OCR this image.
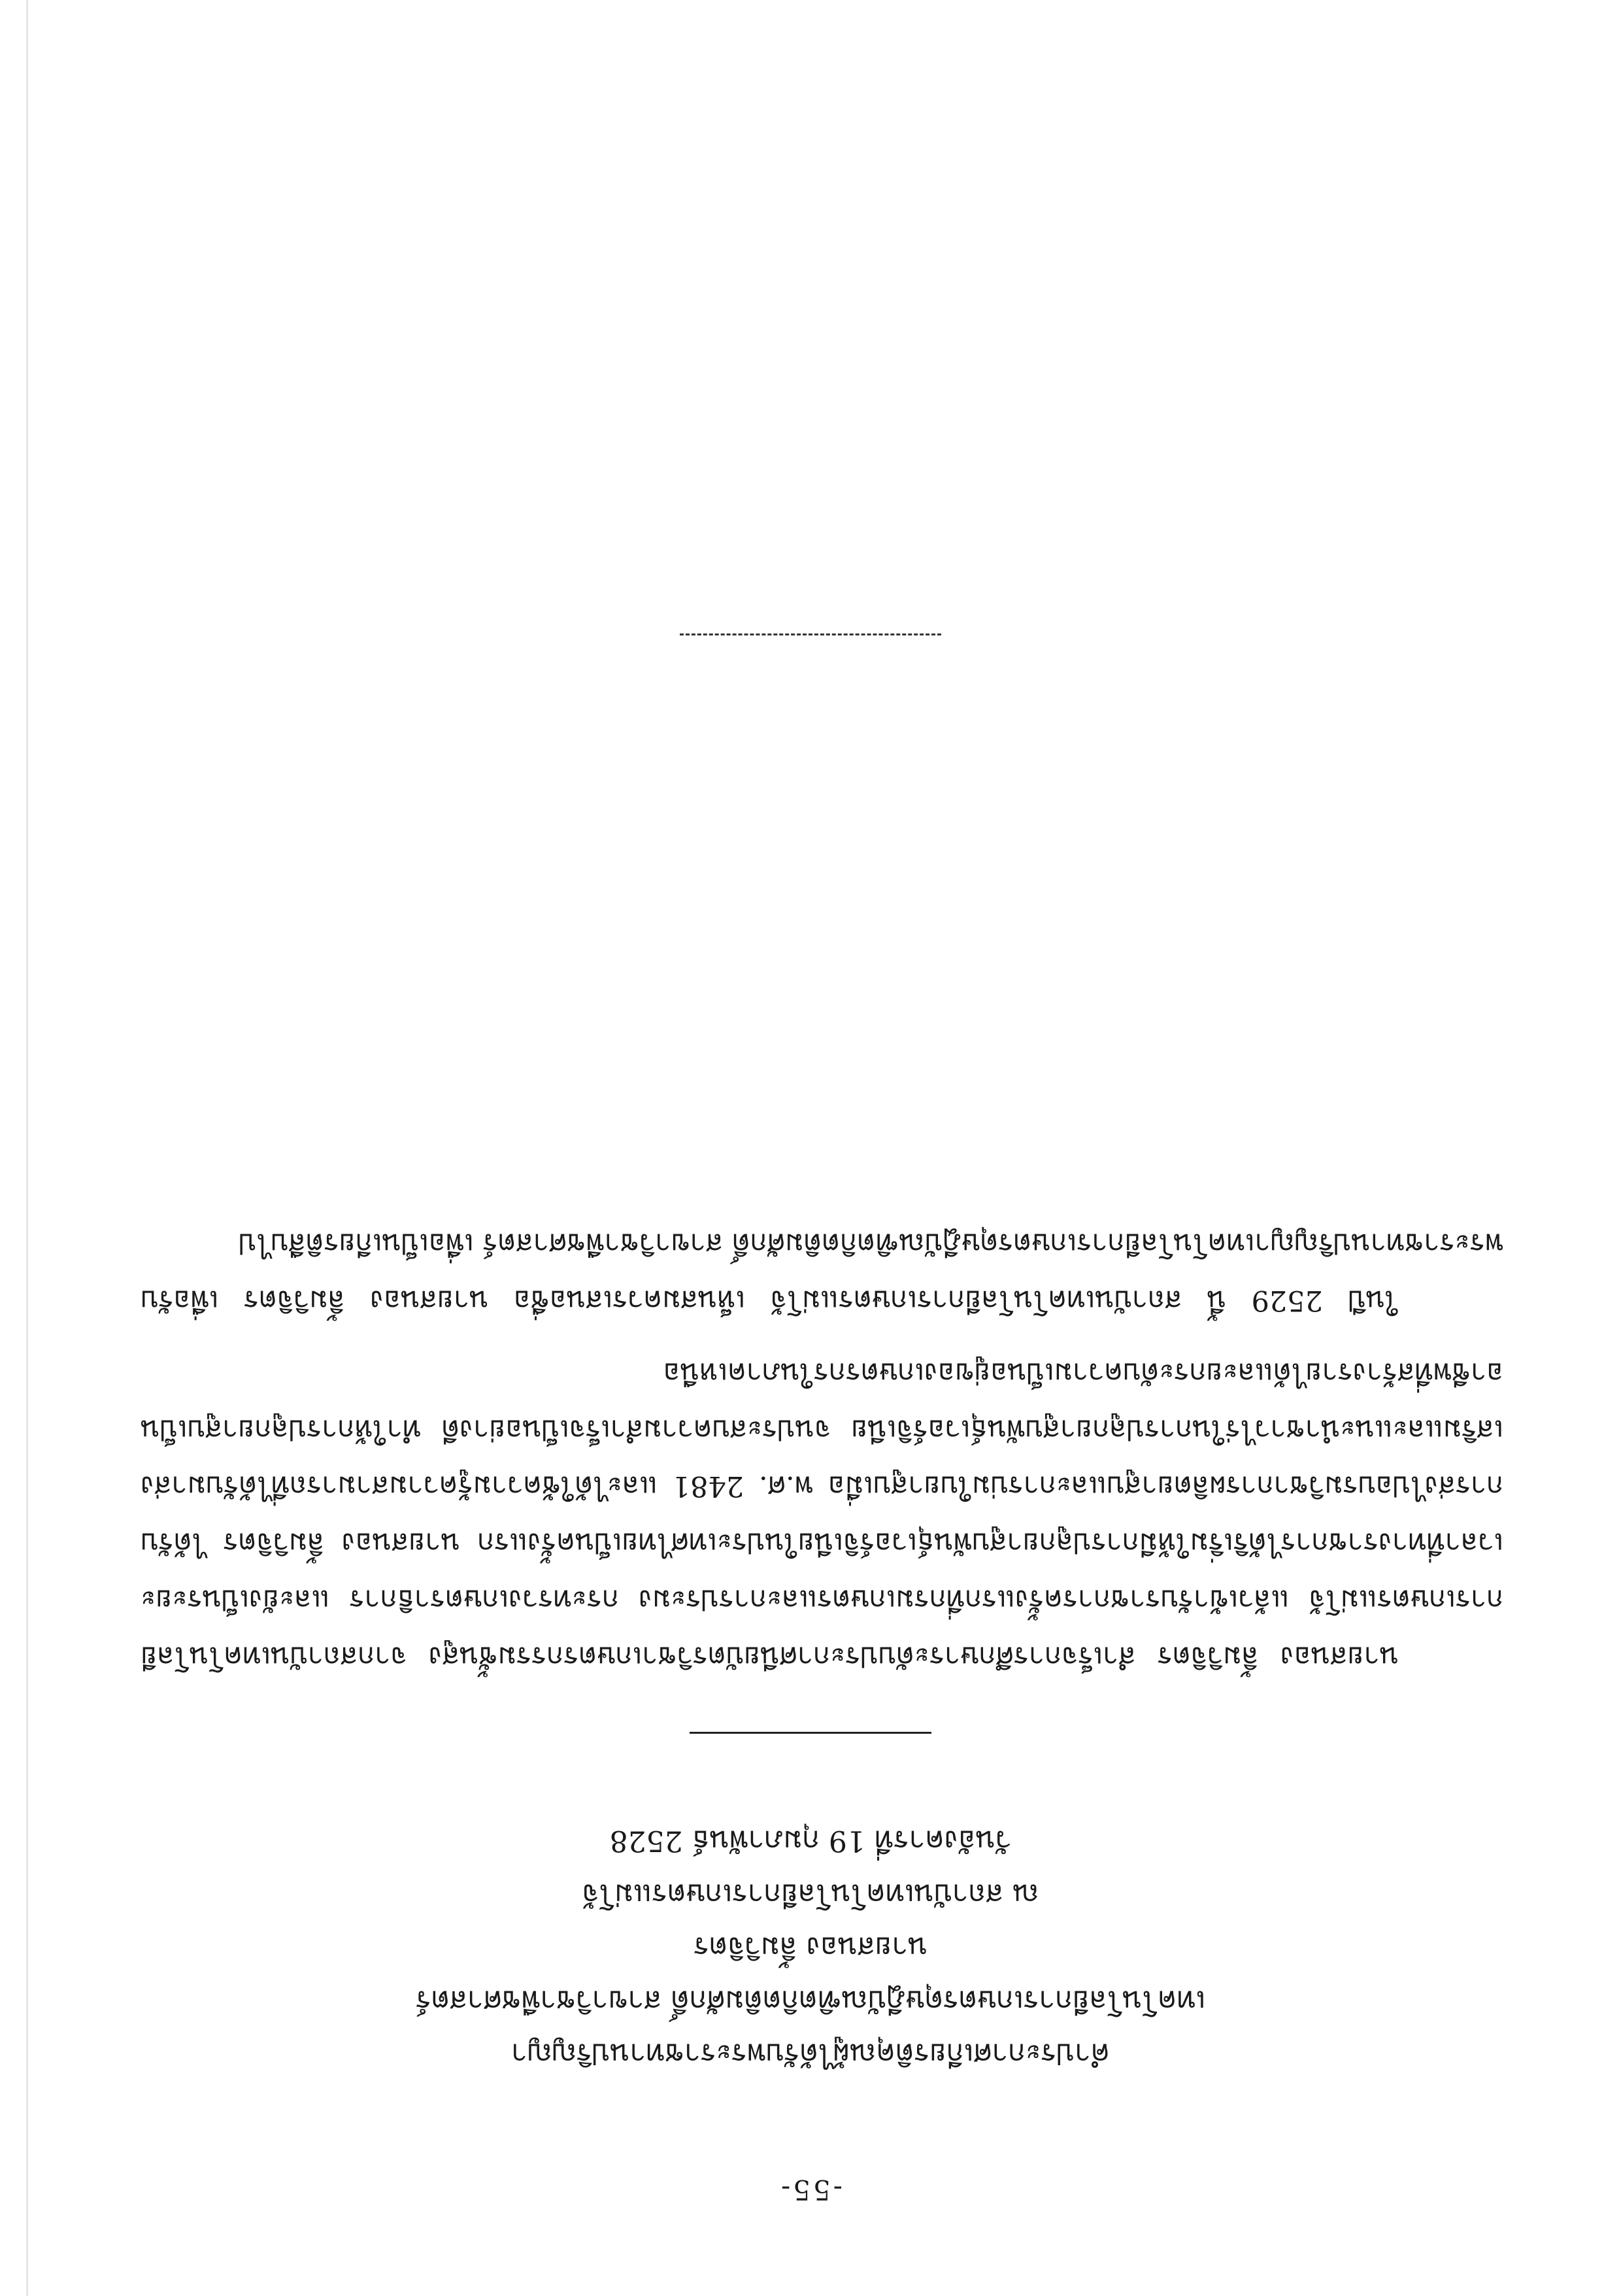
-55-
คำประกาศเกียรติคุณผู้ได้รับพระราชทานปริญญา
เทคโนโลยีการเกษตรดุษฎีบัณฑิตกิตติมศักดิ์ สาขาวิชาพืชศาสตร์
นายสนอง ลิ้มวิจิตร
ณ สถาบันเทคโนโลยีการเกษตรแม่โจ้
วันอังคารที่ 19 กุมภาพันธ์ 2528

นายสนอง ลิ้มวิจิตร สำเร็จการศึกษาระดับประกาศนียบัตรวิชาเกษตรกรรมชั้นสูง จากสถาบันเทคโนโลยีการเกษตรแม่โจ้ แล้วเข้ารับราชการครั้งแรกที่กรมเกษตรและการประมง กระทรวงเกษตราธิการ และยังเป็นระยะเวลาที่ทางราชการได้ริเริ่มให้มีการปลูกยาสูบพันธุ์เวอร์จิเนียในประเทศไทยเป็นครั้งแรก นายสนอง ลิ้มวิจิตร ได้รับการส่งไปอบรมวิชาการผลิตยาสูบและการบ่มใบยาสูบเมื่อ พ.ศ. 2481 และได้ใช้ความรู้ความสามารถที่ได้รับมาส่งเสริมและแนะนำชาวไร่ในการปลูกยาสูบพันธุ์เวอร์จิเนีย จนประสบความสำเร็จเป็นอย่างดี ทำให้การปลูกยาสูบเป็นอาชีพที่สร้างรายได้และยกระดับความเป็นอยู่ของเกษตรกรในภาคเหนือ

ในปี 2529 นี้ สถาบันเทคโนโลยีการเกษตรแม่โจ้ เห็นสมควรเสนอชื่อ นายสนอง ลิ้มวิจิตร เพื่อรับพระราชทานปริญญาเทคโนโลยีการเกษตรดุษฎีบัณฑิตกิตติมศักดิ์ สาขาวิชาพืชศาสตร์ เพื่อเป็นเกียรติสืบไป
